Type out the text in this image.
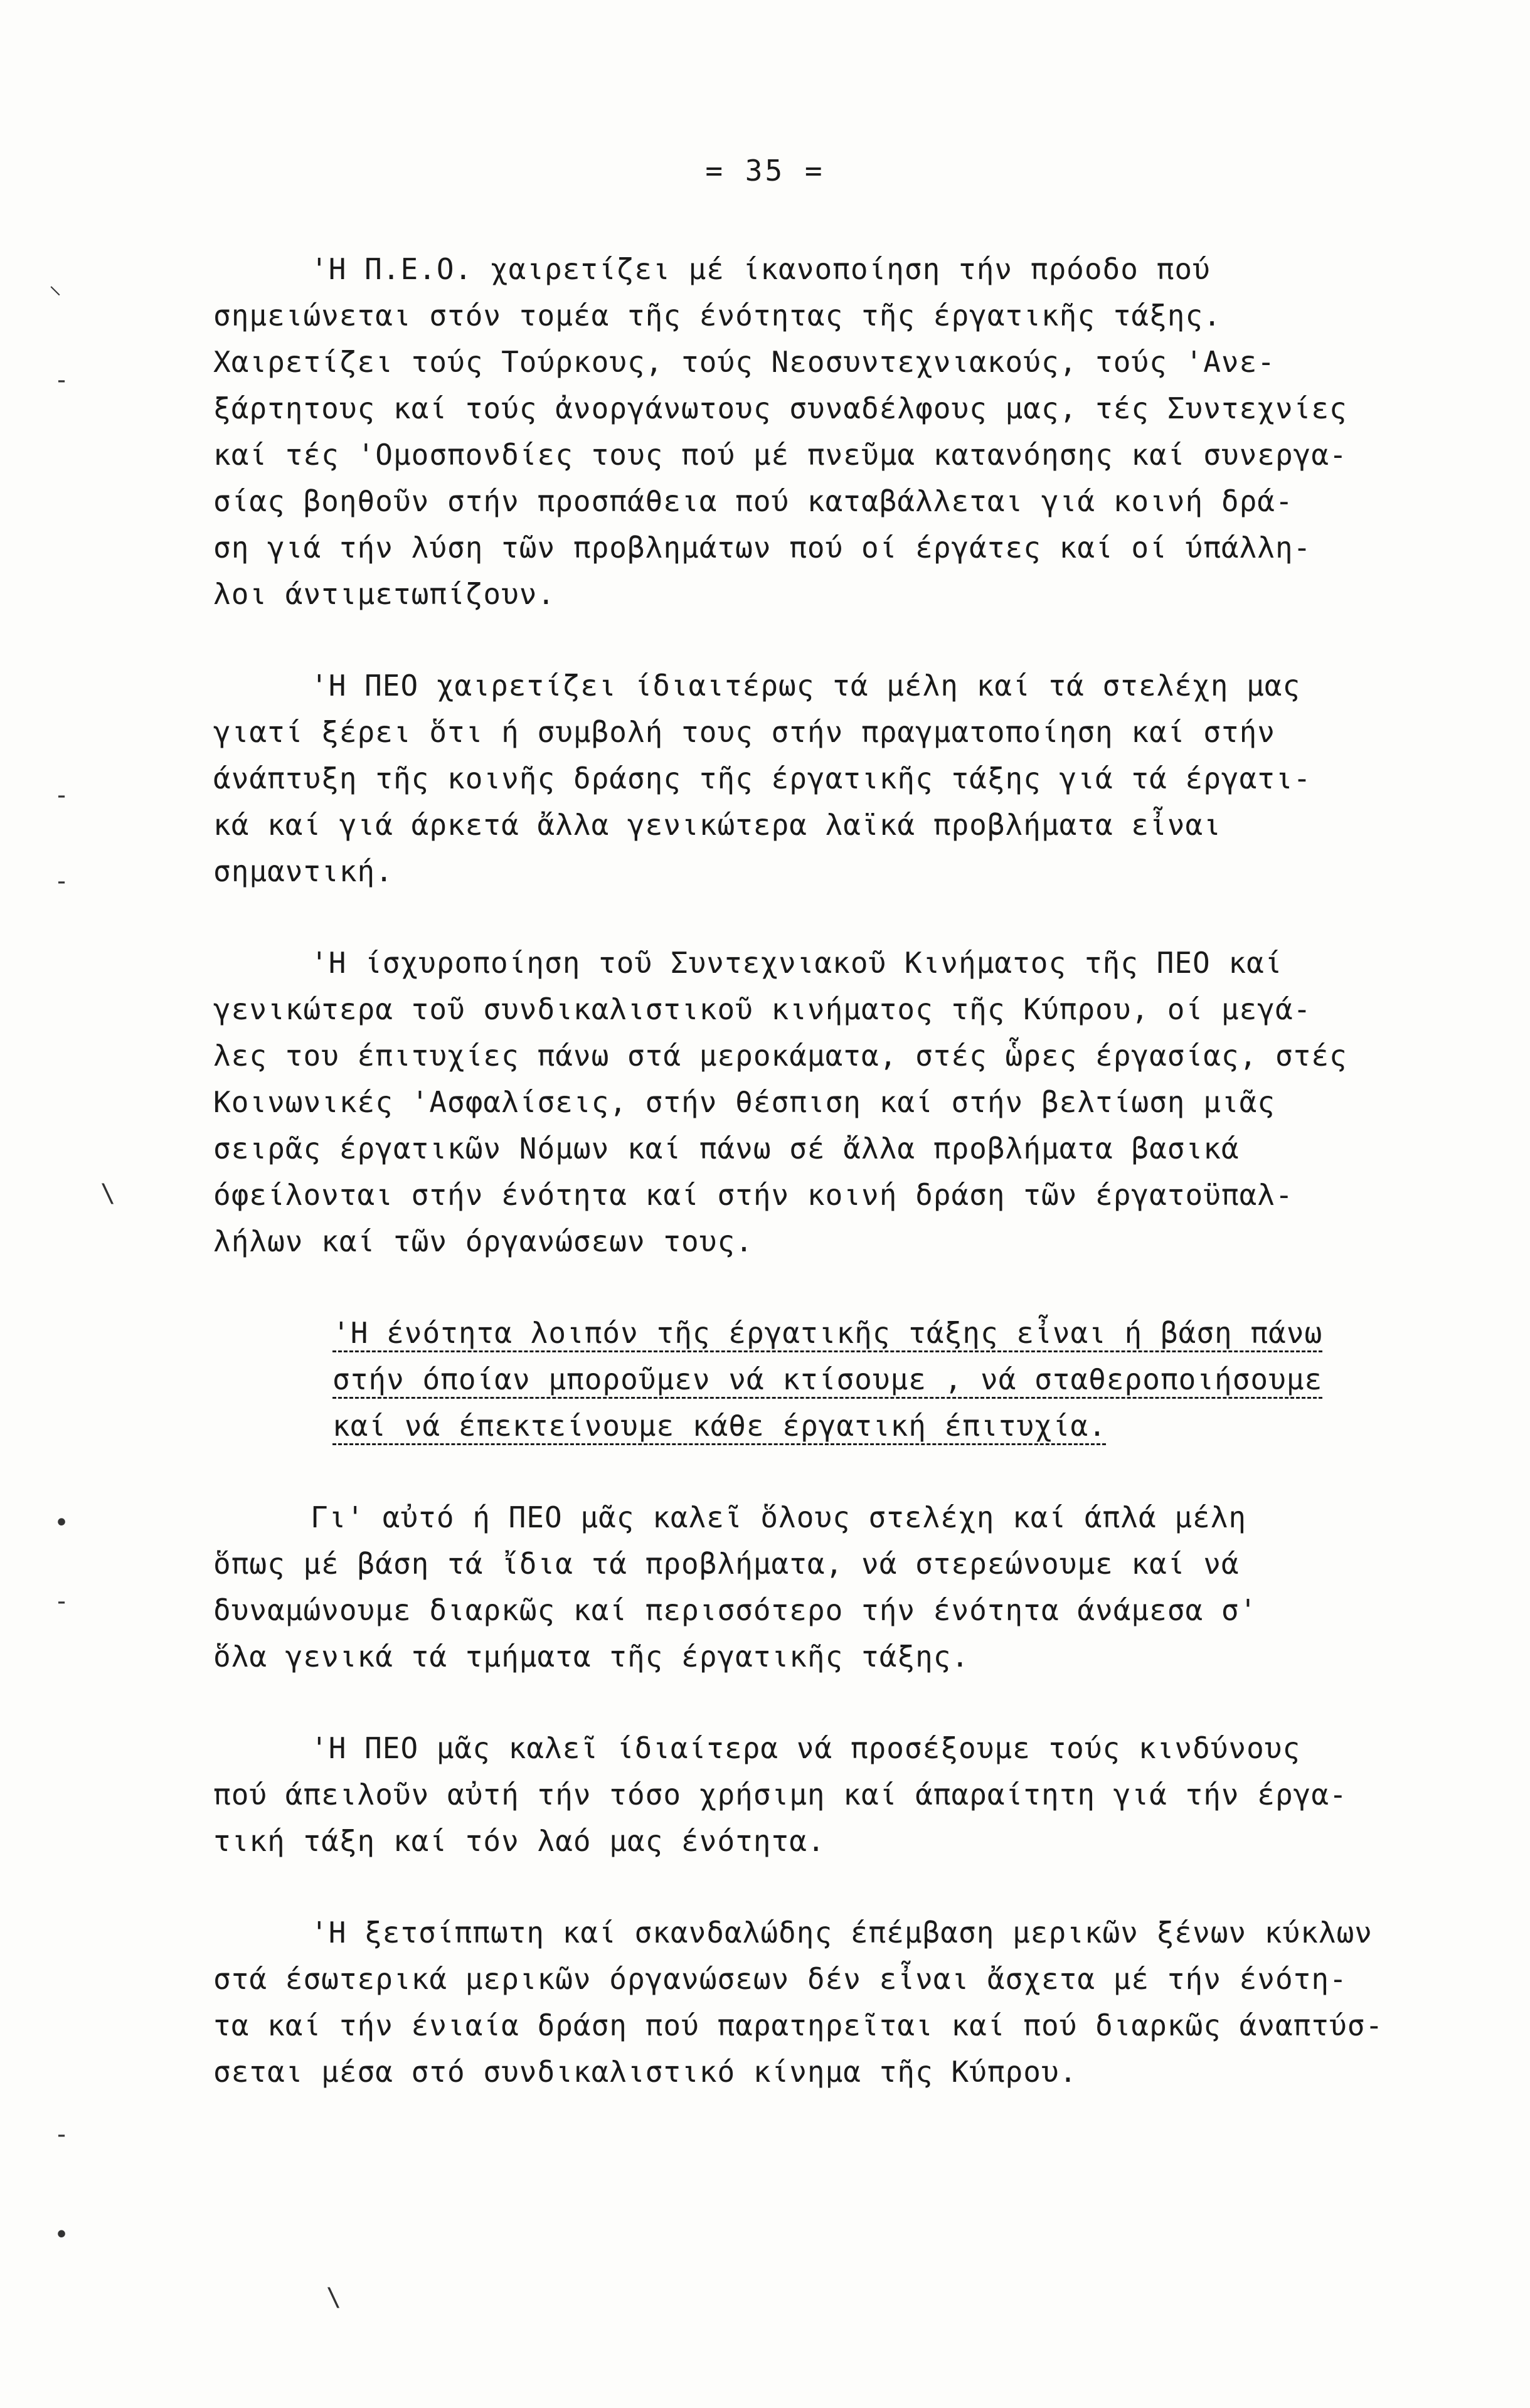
= 35 =
⸜
-
-
-
\
•
-
-
•
\
'Η Π.Ε.Ο. χαιρετίζει μέ ίκανοποίηση τήν πρόοδο πού
σημειώνεται στόν τομέα τῆς ένότητας τῆς έργατικῆς τάξης.
Χαιρετίζει τούς Τούρκους, τούς Νεοσυντεχνιακούς, τούς 'Ανε-
ξάρτητους καί τούς ἀνοργάνωτους συναδέλφους μας, τές Συντεχνίες
καί τές 'Ομοσπονδίες τους πού μέ πνεῦμα κατανόησης καί συνεργα-
σίας βοηθοῦν στήν προσπάθεια πού καταβάλλεται γιά κοινή δρά-
ση γιά τήν λύση τῶν προβλημάτων πού οί έργάτες καί οί ύπάλλη-
λοι άντιμετωπίζουν.
'Η ΠΕΟ χαιρετίζει ίδιαιτέρως τά μέλη καί τά στελέχη μας
γιατί ξέρει ὅτι ή συμβολή τους στήν πραγματοποίηση καί στήν
άνάπτυξη τῆς κοινῆς δράσης τῆς έργατικῆς τάξης γιά τά έργατι-
κά καί γιά άρκετά ἄλλα γενικώτερα λαϊκά προβλήματα εἶναι
σημαντική.
'Η ίσχυροποίηση τοῦ Συντεχνιακοῦ Κινήματος τῆς ΠΕΟ καί
γενικώτερα τοῦ συνδικαλιστικοῦ κινήματος τῆς Κύπρου, οί μεγά-
λες του έπιτυχίες πάνω στά μεροκάματα, στές ὧρες έργασίας, στές
Κοινωνικές 'Ασφαλίσεις, στήν θέσπιση καί στήν βελτίωση μιᾶς
σειρᾶς έργατικῶν Νόμων καί πάνω σέ ἄλλα προβλήματα βασικά
όφείλονται στήν ένότητα καί στήν κοινή δράση τῶν έργατοϋπαλ-
λήλων καί τῶν όργανώσεων τους.
'Η ένότητα λοιπόν τῆς έργατικῆς τάξης εἶναι ή βάση πάνω
στήν όποίαν μποροῦμεν νά κτίσουμε , νά σταθεροποιήσουμε
καί νά έπεκτείνουμε κάθε έργατική έπιτυχία.
Γι' αὐτό ή ΠΕΟ μᾶς καλεῖ ὅλους στελέχη καί άπλά μέλη
ὅπως μέ βάση τά ἴδια τά προβλήματα, νά στερεώνουμε καί νά
δυναμώνουμε διαρκῶς καί περισσότερο τήν ένότητα άνάμεσα σ'
ὅλα γενικά τά τμήματα τῆς έργατικῆς τάξης.
'Η ΠΕΟ μᾶς καλεῖ ίδιαίτερα νά προσέξουμε τούς κινδύνους
πού άπειλοῦν αὐτή τήν τόσο χρήσιμη καί άπαραίτητη γιά τήν έργα-
τική τάξη καί τόν λαό μας ένότητα.
'Η ξετσίππωτη καί σκανδαλώδης έπέμβαση μερικῶν ξένων κύκλων
στά έσωτερικά μερικῶν όργανώσεων δέν εἶναι ἄσχετα μέ τήν ένότη-
τα καί τήν ένιαία δράση πού παρατηρεῖται καί πού διαρκῶς άναπτύσ-
σεται μέσα στό συνδικαλιστικό κίνημα τῆς Κύπρου.
